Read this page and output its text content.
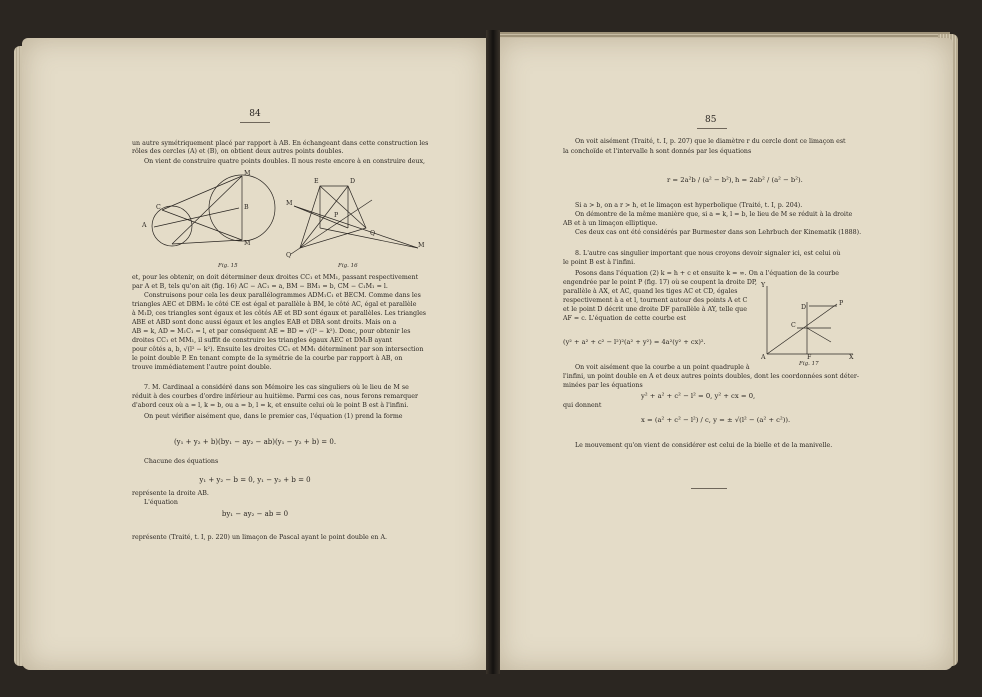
84
un autre symétriquement placé par rapport à AB. En échangeant dans cette construction les
rôles des cercles (A) et (B), on obtient deux autres points doubles.
On vient de construire quatre points doubles. Il nous reste encore à en construire deux,
A
B
C
M
M
Fig. 15
E	D
M
P
M
Q
Q
Fig. 16
et, pour les obtenir, on doit déterminer deux droites CC₁ et MM₁, passant respectivement
par A et B, tels qu'on ait (fig. 16) AC − AC₁ = a, BM − BM₁ = b, CM − C₁M₁ = l.
Construisons pour cela les deux parallélogrammes ADM₁C₁ et BECM. Comme dans les
triangles AEC et DBM₁ le côté CE est égal et parallèle à BM, le côté AC, égal et parallèle
à M₁D, ces triangles sont égaux et les côtés AE et BD sont égaux et parallèles. Les triangles
ABE et ABD sont donc aussi égaux et les angles EAB et DBA sont droits. Mais on a
AB = k, AD = M₁C₁ = l, et par conséquent AE = BD = √(l² − k²). Donc, pour obtenir les
droites CC₁ et MM₁, il suffit de construire les triangles égaux AEC et DM₁B ayant
pour côtés a, b, √(l² − k²). Ensuite les droites CC₁ et MM₁ déterminent par son intersection
le point double P. En tenant compte de la symétrie de la courbe par rapport à AB, on
trouve immédiatement l'autre point double.
7. M. Cardinaal a considéré dans son Mémoire les cas singuliers où le lieu de M se
réduit à des courbes d'ordre inférieur au huitième. Parmi ces cas, nous ferons remarquer
d'abord ceux où a = l, k = b, ou a = b, l = k, et ensuite celui où le point B est à l'infini.
On peut vérifier aisément que, dans le premier cas, l'équation (1) prend la forme
(y₁ + y₂ + b)(by₁ − ay₂ − ab)(y₁ − y₂ + b) = 0.
Chacune des équations
y₁ + y₂ − b = 0, y₁ − y₂ + b = 0
représente la droite AB.
L'équation
by₁ − ay₂ − ab = 0
représente (Traité, t. I, p. 220) un limaçon de Pascal ayant le point double en A.
85
On voit aisément (Traité, t. I, p. 207) que le diamètre r du cercle dont ce limaçon est
la conchoïde et l'intervalle h sont donnés par les équations
r = 2a²b / (a² − b²), h = 2ab² / (a² − b²).
Si a > b, on a r > h, et le limaçon est hyperbolique (Traité, t. I, p. 204).
On démontre de la même manière que, si a = k, l = b, le lieu de M se réduit à la droite
AB et à un limaçon elliptique.
Ces deux cas ont été considérés par Burmester dans son Lehrbuch der Kinematik (1888).
8. L'autre cas singulier important que nous croyons devoir signaler ici, est celui où
le point B est à l'infini.
Posons dans l'équation (2) k = h + c et ensuite k = ∞. On a l'équation de la courbe
engendrée par le point P (fig. 17) où se coupent la droite DP,
parallèle à AX, et AC, quand les tiges AC et CD, égales
respectivement à a et l, tournent autour des points A et C
et le point D décrit une droite DF parallèle à AY, telle que
AF = c. L'équation de cette courbe est
(y² + a² + c² − l²)²(a² + y²) = 4a²(y² + cx)².
Y
C
D
P
A	F	X
Fig. 17
On voit aisément que la courbe a un point quadruple à
l'infini, un point double en A et deux autres points doubles, dont les coordonnées sont déter-
minées par les équations
y² + a² + c² − l² = 0, y² + cx = 0,
qui donnent
x = (a² + c² − l²) / c, y = ± √(l² − (a² + c²)).
Le mouvement qu'on vient de considérer est celui de la bielle et de la manivelle.
